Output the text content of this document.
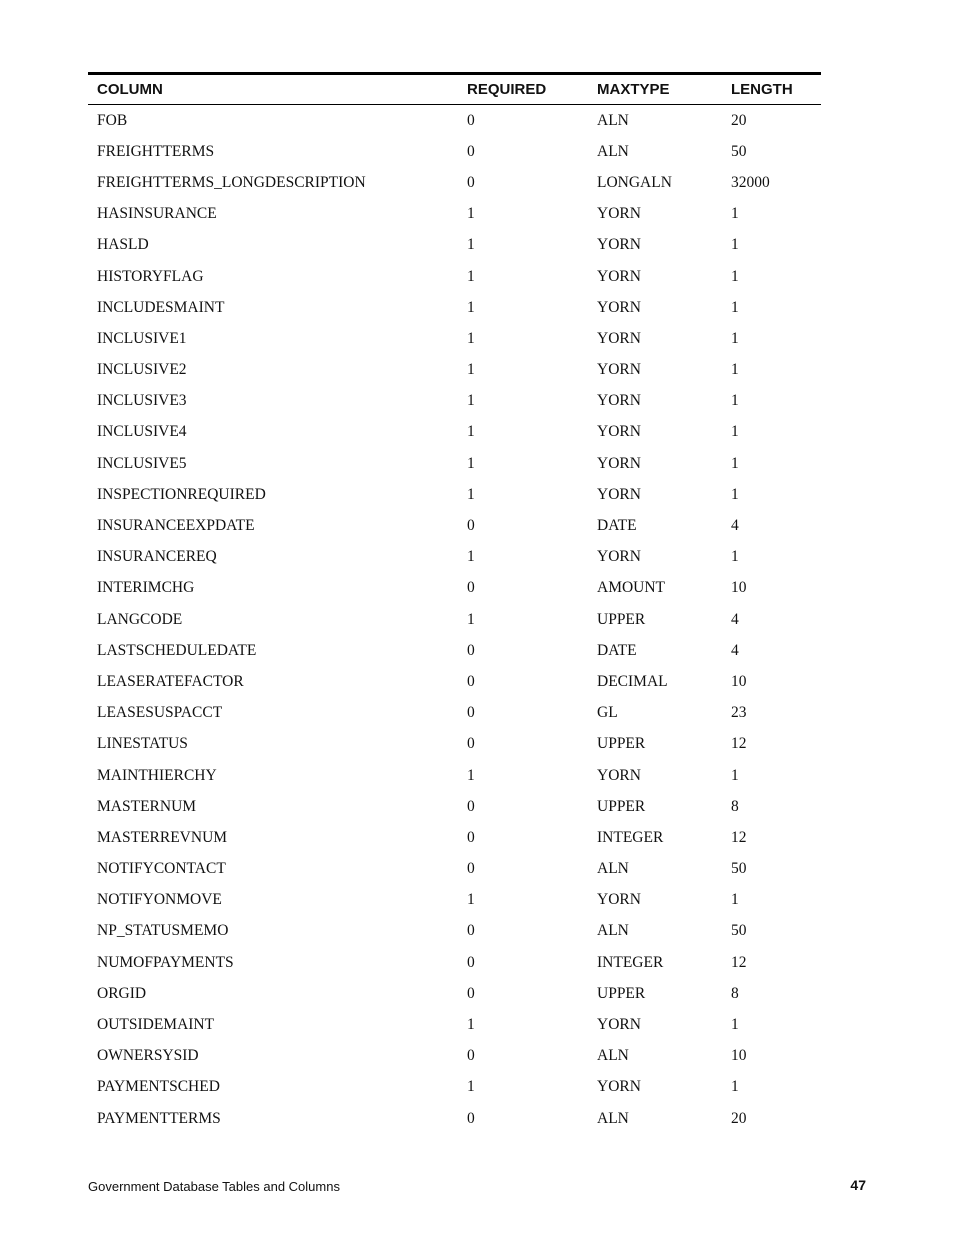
COLUMN	REQUIRED	MAXTYPE	LENGTH
FOB	0	ALN	20
FREIGHTTERMS	0	ALN	50
FREIGHTTERMS_LONGDESCRIPTION	0	LONGALN	32000
HASINSURANCE	1	YORN	1
HASLD	1	YORN	1
HISTORYFLAG	1	YORN	1
INCLUDESMAINT	1	YORN	1
INCLUSIVE1	1	YORN	1
INCLUSIVE2	1	YORN	1
INCLUSIVE3	1	YORN	1
INCLUSIVE4	1	YORN	1
INCLUSIVE5	1	YORN	1
INSPECTIONREQUIRED	1	YORN	1
INSURANCEEXPDATE	0	DATE	4
INSURANCEREQ	1	YORN	1
INTERIMCHG	0	AMOUNT	10
LANGCODE	1	UPPER	4
LASTSCHEDULEDATE	0	DATE	4
LEASERATEFACTOR	0	DECIMAL	10
LEASESUSPACCT	0	GL	23
LINESTATUS	0	UPPER	12
MAINTHIERCHY	1	YORN	1
MASTERNUM	0	UPPER	8
MASTERREVNUM	0	INTEGER	12
NOTIFYCONTACT	0	ALN	50
NOTIFYONMOVE	1	YORN	1
NP_STATUSMEMO	0	ALN	50
NUMOFPAYMENTS	0	INTEGER	12
ORGID	0	UPPER	8
OUTSIDEMAINT	1	YORN	1
OWNERSYSID	0	ALN	10
PAYMENTSCHED	1	YORN	1
PAYMENTTERMS	0	ALN	20
Government Database Tables and Columns	47
